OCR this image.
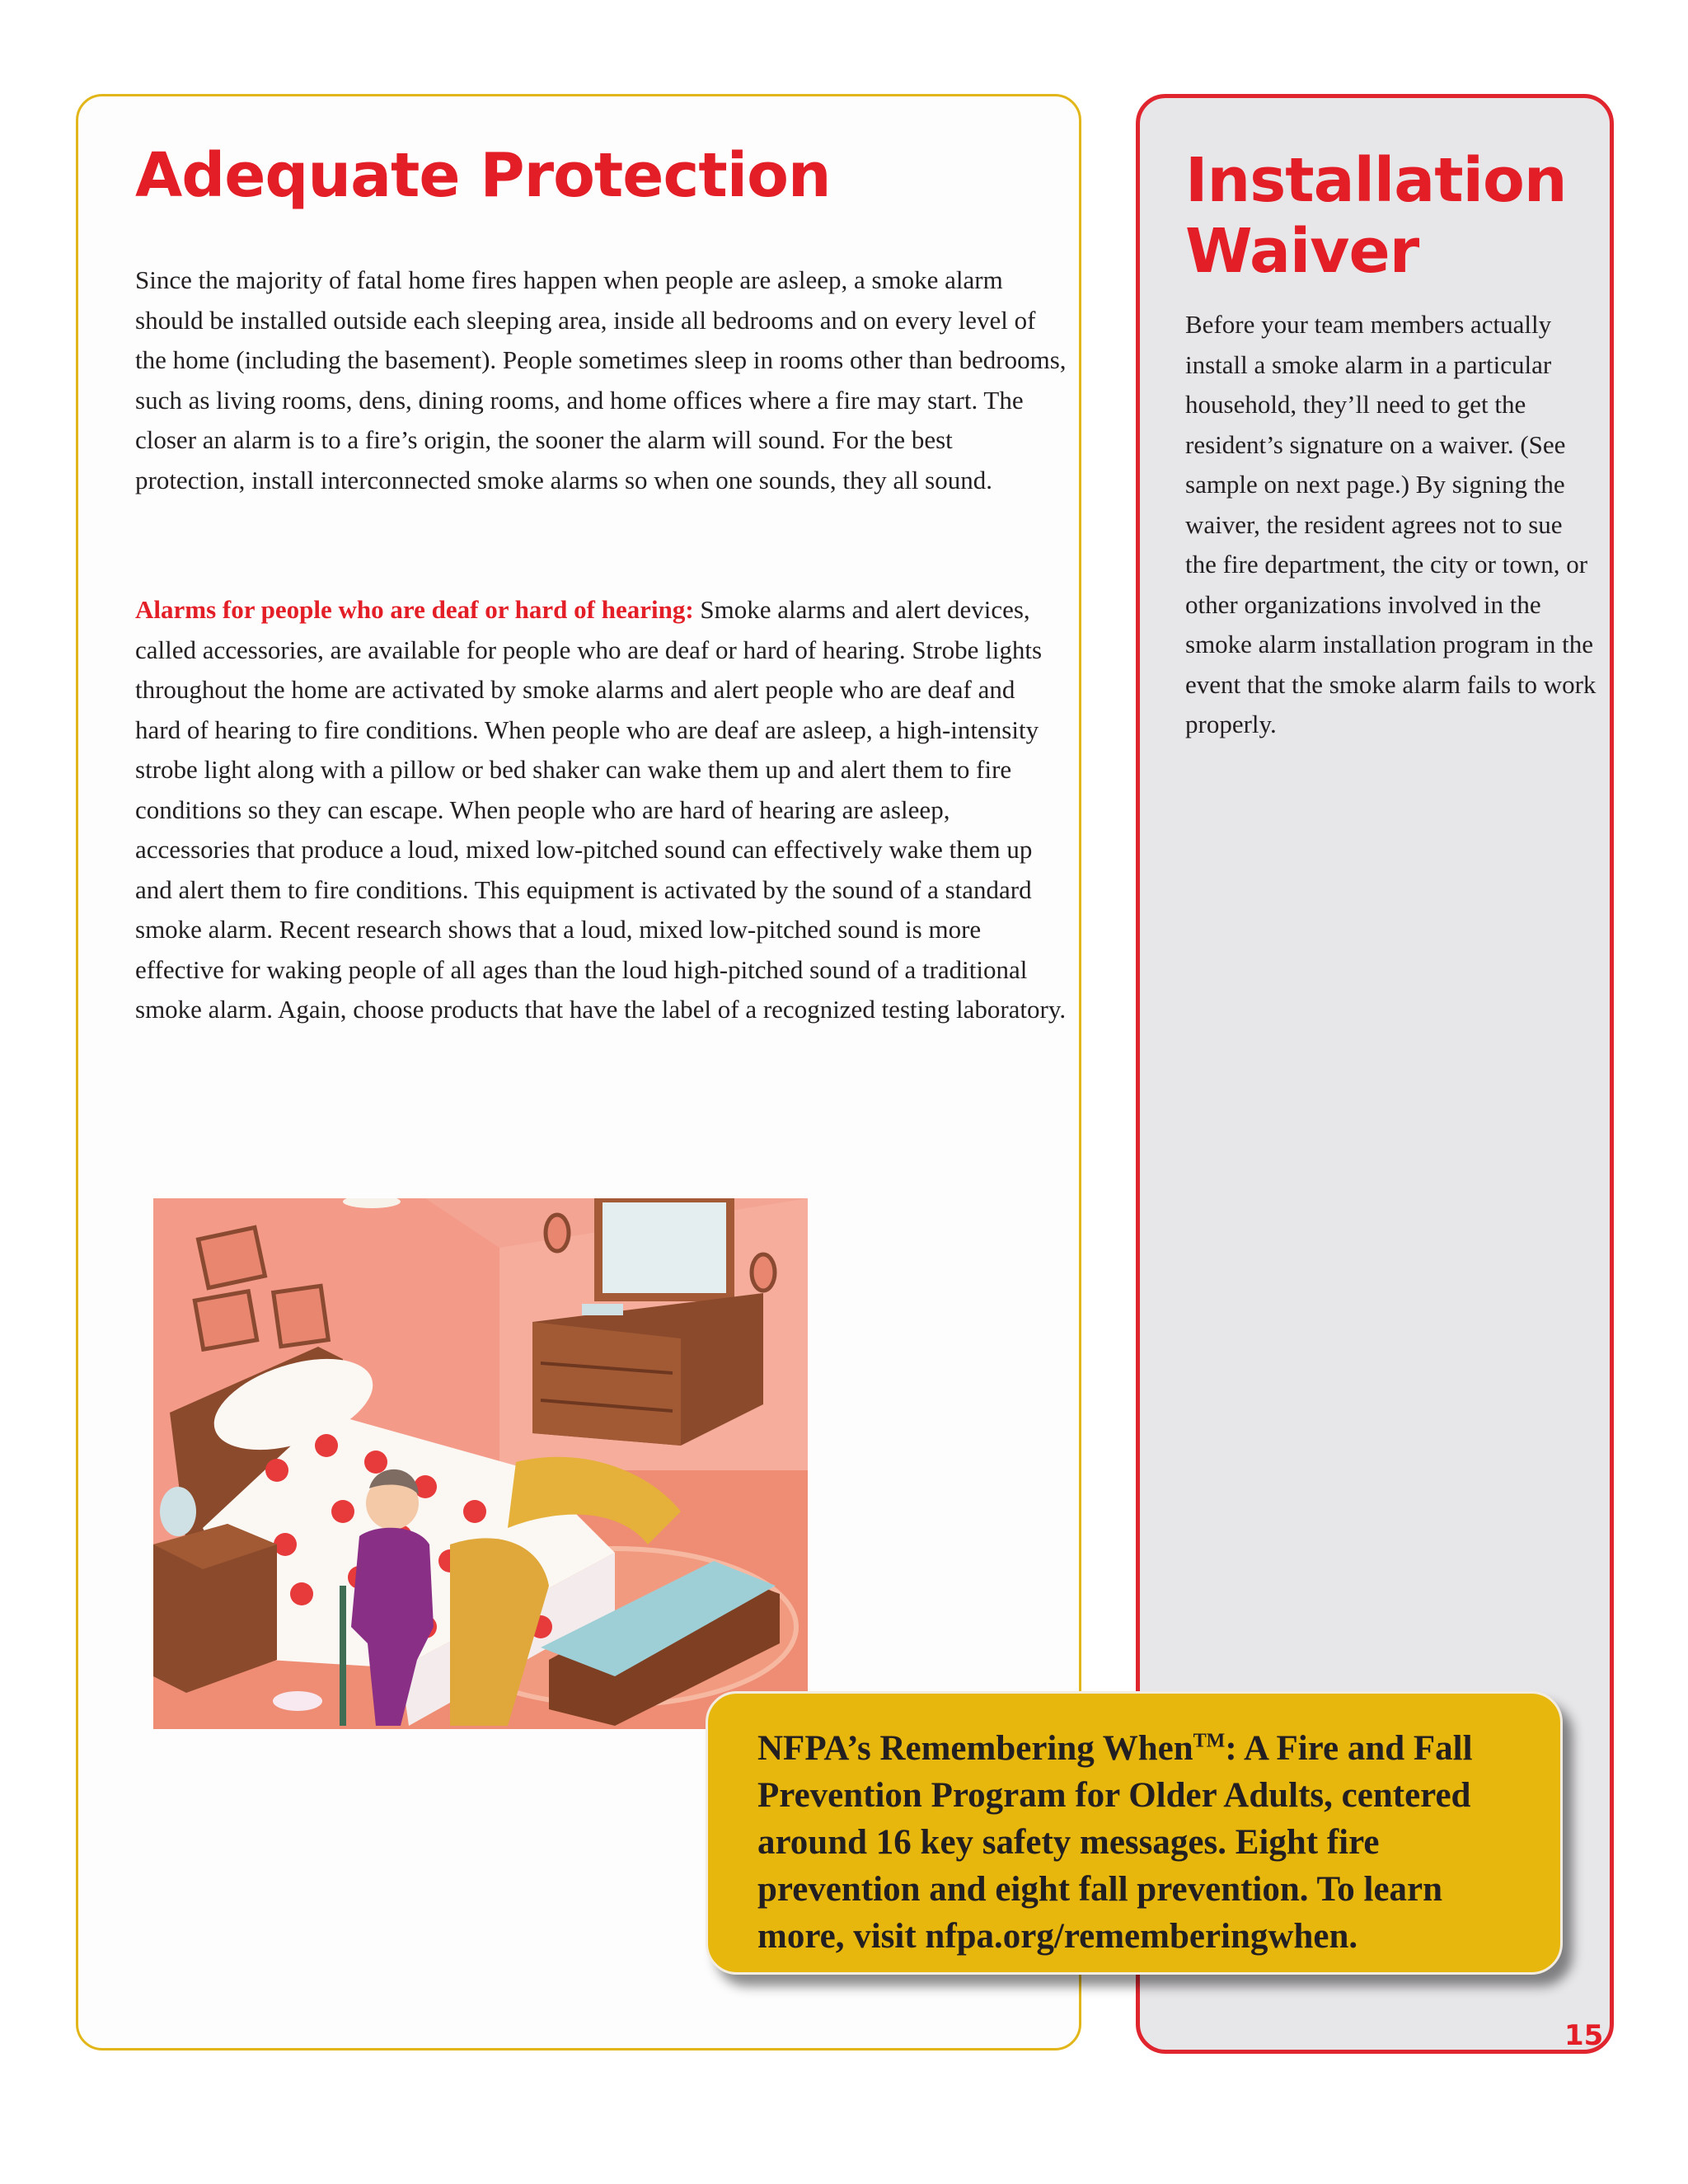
Adequate Protection

Since the majority of fatal home fires happen when people are asleep, a smoke alarm should be installed outside each sleeping area, inside all bedrooms and on every level of the home (including the basement). People sometimes sleep in rooms other than bedrooms, such as living rooms, dens, dining rooms, and home offices where a fire may start. The closer an alarm is to a fire’s origin, the sooner the alarm will sound. For the best protection, install interconnected smoke alarms so when one sounds, they all sound.

Alarms for people who are deaf or hard of hearing: Smoke alarms and alert devices, called accessories, are available for people who are deaf or hard of hearing. Strobe lights throughout the home are activated by smoke alarms and alert people who are deaf and hard of hearing to fire conditions. When people who are deaf are asleep, a high-intensity strobe light along with a pillow or bed shaker can wake them up and alert them to fire conditions so they can escape. When people who are hard of hearing are asleep, accessories that produce a loud, mixed low-pitched sound can effectively wake them up and alert them to fire conditions. This equipment is activated by the sound of a standard smoke alarm. Recent research shows that a loud, mixed low-pitched sound is more effective for waking people of all ages than the loud high-pitched sound of a traditional smoke alarm. Again, choose products that have the label of a recognized testing laboratory.

Installation Waiver

Before your team members actually install a smoke alarm in a particular household, they’ll need to get the resident’s signature on a waiver. (See sample on next page.) By signing the waiver, the resident agrees not to sue the fire department, the city or town, or other organizations involved in the smoke alarm installation program in the event that the smoke alarm fails to work properly.

NFPA’s Remembering When™: A Fire and Fall Prevention Program for Older Adults, centered around 16 key safety messages. Eight fire prevention and eight fall prevention. To learn more, visit nfpa.org/rememberingwhen.

15
